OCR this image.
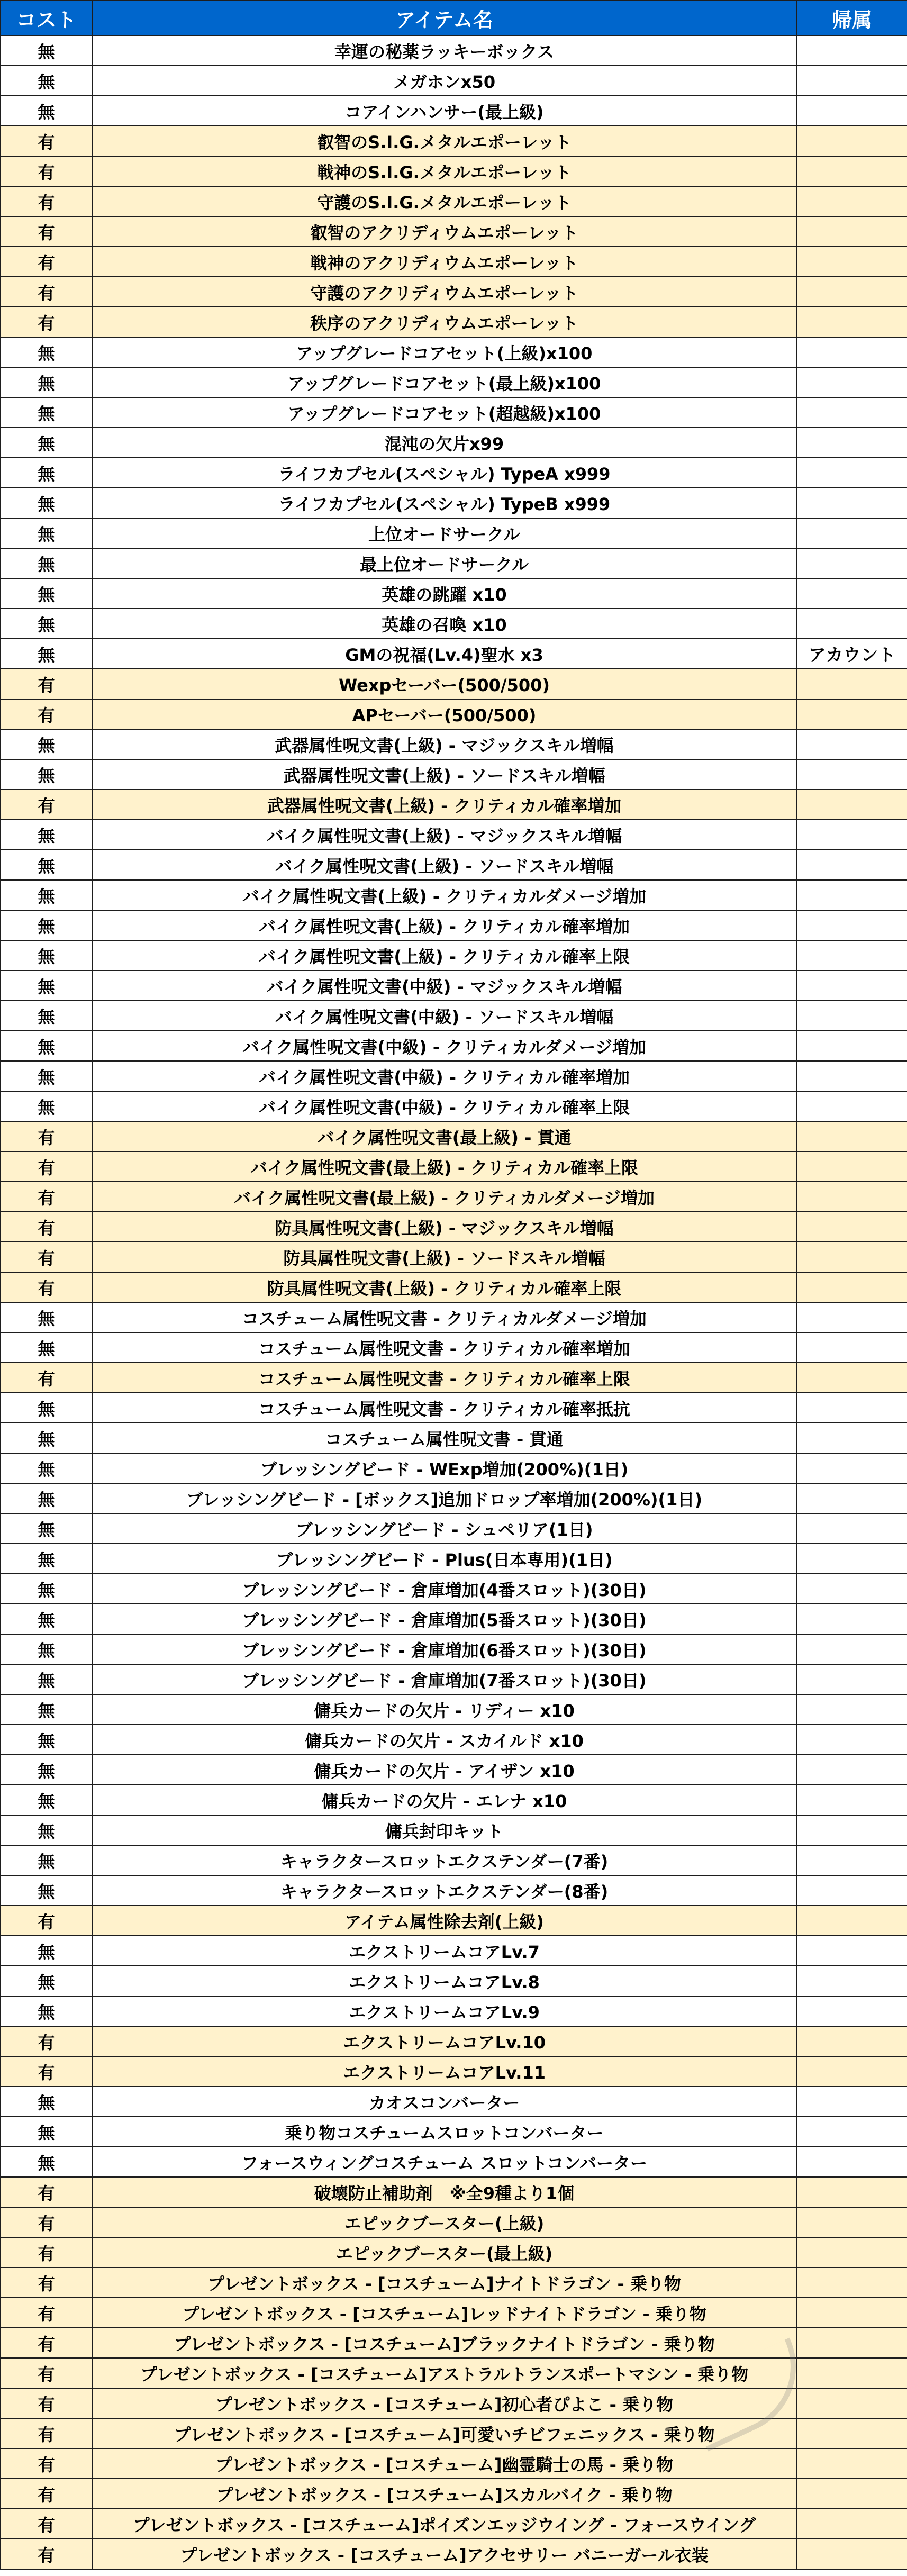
コスト	アイテム名	帰属
無	幸運の秘薬ラッキーボックス	
無	メガホンx50	
無	コアインハンサー(最上級)	
有	叡智のS.I.G.メタルエポーレット	
有	戦神のS.I.G.メタルエポーレット	
有	守護のS.I.G.メタルエポーレット	
有	叡智のアクリディウムエポーレット	
有	戦神のアクリディウムエポーレット	
有	守護のアクリディウムエポーレット	
有	秩序のアクリディウムエポーレット	
無	アップグレードコアセット(上級)x100	
無	アップグレードコアセット(最上級)x100	
無	アップグレードコアセット(超越級)x100	
無	混沌の欠片x99	
無	ライフカプセル(スペシャル) TypeA x999	
無	ライフカプセル(スペシャル) TypeB x999	
無	上位オードサークル	
無	最上位オードサークル	
無	英雄の跳躍 x10	
無	英雄の召喚 x10	
無	GMの祝福(Lv.4)聖水 x3	アカウント
有	Wexpセーバー(500/500)	
有	APセーバー(500/500)	
無	武器属性呪文書(上級) - マジックスキル増幅	
無	武器属性呪文書(上級) - ソードスキル増幅	
有	武器属性呪文書(上級) - クリティカル確率増加	
無	バイク属性呪文書(上級) - マジックスキル増幅	
無	バイク属性呪文書(上級) - ソードスキル増幅	
無	バイク属性呪文書(上級) - クリティカルダメージ増加	
無	バイク属性呪文書(上級) - クリティカル確率増加	
無	バイク属性呪文書(上級) - クリティカル確率上限	
無	バイク属性呪文書(中級) - マジックスキル増幅	
無	バイク属性呪文書(中級) - ソードスキル増幅	
無	バイク属性呪文書(中級) - クリティカルダメージ増加	
無	バイク属性呪文書(中級) - クリティカル確率増加	
無	バイク属性呪文書(中級) - クリティカル確率上限	
有	バイク属性呪文書(最上級) - 貫通	
有	バイク属性呪文書(最上級) - クリティカル確率上限	
有	バイク属性呪文書(最上級) - クリティカルダメージ増加	
有	防具属性呪文書(上級) - マジックスキル増幅	
有	防具属性呪文書(上級) - ソードスキル増幅	
有	防具属性呪文書(上級) - クリティカル確率上限	
無	コスチューム属性呪文書 - クリティカルダメージ増加	
無	コスチューム属性呪文書 - クリティカル確率増加	
有	コスチューム属性呪文書 - クリティカル確率上限	
無	コスチューム属性呪文書 - クリティカル確率抵抗	
無	コスチューム属性呪文書 - 貫通	
無	ブレッシングビード - WExp増加(200%)(1日)	
無	ブレッシングビード - [ボックス]追加ドロップ率増加(200%)(1日)	
無	ブレッシングビード - シュペリア(1日)	
無	ブレッシングビード - Plus(日本専用)(1日)	
無	ブレッシングビード - 倉庫増加(4番スロット)(30日)	
無	ブレッシングビード - 倉庫増加(5番スロット)(30日)	
無	ブレッシングビード - 倉庫増加(6番スロット)(30日)	
無	ブレッシングビード - 倉庫増加(7番スロット)(30日)	
無	傭兵カードの欠片 - リディー x10	
無	傭兵カードの欠片 - スカイルド x10	
無	傭兵カードの欠片 - アイザン x10	
無	傭兵カードの欠片 - エレナ x10	
無	傭兵封印キット	
無	キャラクタースロットエクステンダー(7番)	
無	キャラクタースロットエクステンダー(8番)	
有	アイテム属性除去剤(上級)	
無	エクストリームコアLv.7	
無	エクストリームコアLv.8	
無	エクストリームコアLv.9	
有	エクストリームコアLv.10	
有	エクストリームコアLv.11	
無	カオスコンバーター	
無	乗り物コスチュームスロットコンバーター	
無	フォースウィングコスチューム スロットコンバーター	
有	破壊防止補助剤　※全9種より1個	
有	エピックブースター(上級)	
有	エピックブースター(最上級)	
有	プレゼントボックス - [コスチューム]ナイトドラゴン - 乗り物	
有	プレゼントボックス - [コスチューム]レッドナイトドラゴン - 乗り物	
有	プレゼントボックス - [コスチューム]ブラックナイトドラゴン - 乗り物	
有	プレゼントボックス - [コスチューム]アストラルトランスポートマシン - 乗り物	
有	プレゼントボックス - [コスチューム]初心者ぴよこ - 乗り物	
有	プレゼントボックス - [コスチューム]可愛いチビフェニックス - 乗り物	
有	プレゼントボックス - [コスチューム]幽霊騎士の馬 - 乗り物	
有	プレゼントボックス - [コスチューム]スカルバイク - 乗り物	
有	プレゼントボックス - [コスチューム]ポイズンエッジウイング - フォースウイング	
有	プレゼントボックス - [コスチューム]アクセサリー バニーガール衣装	
